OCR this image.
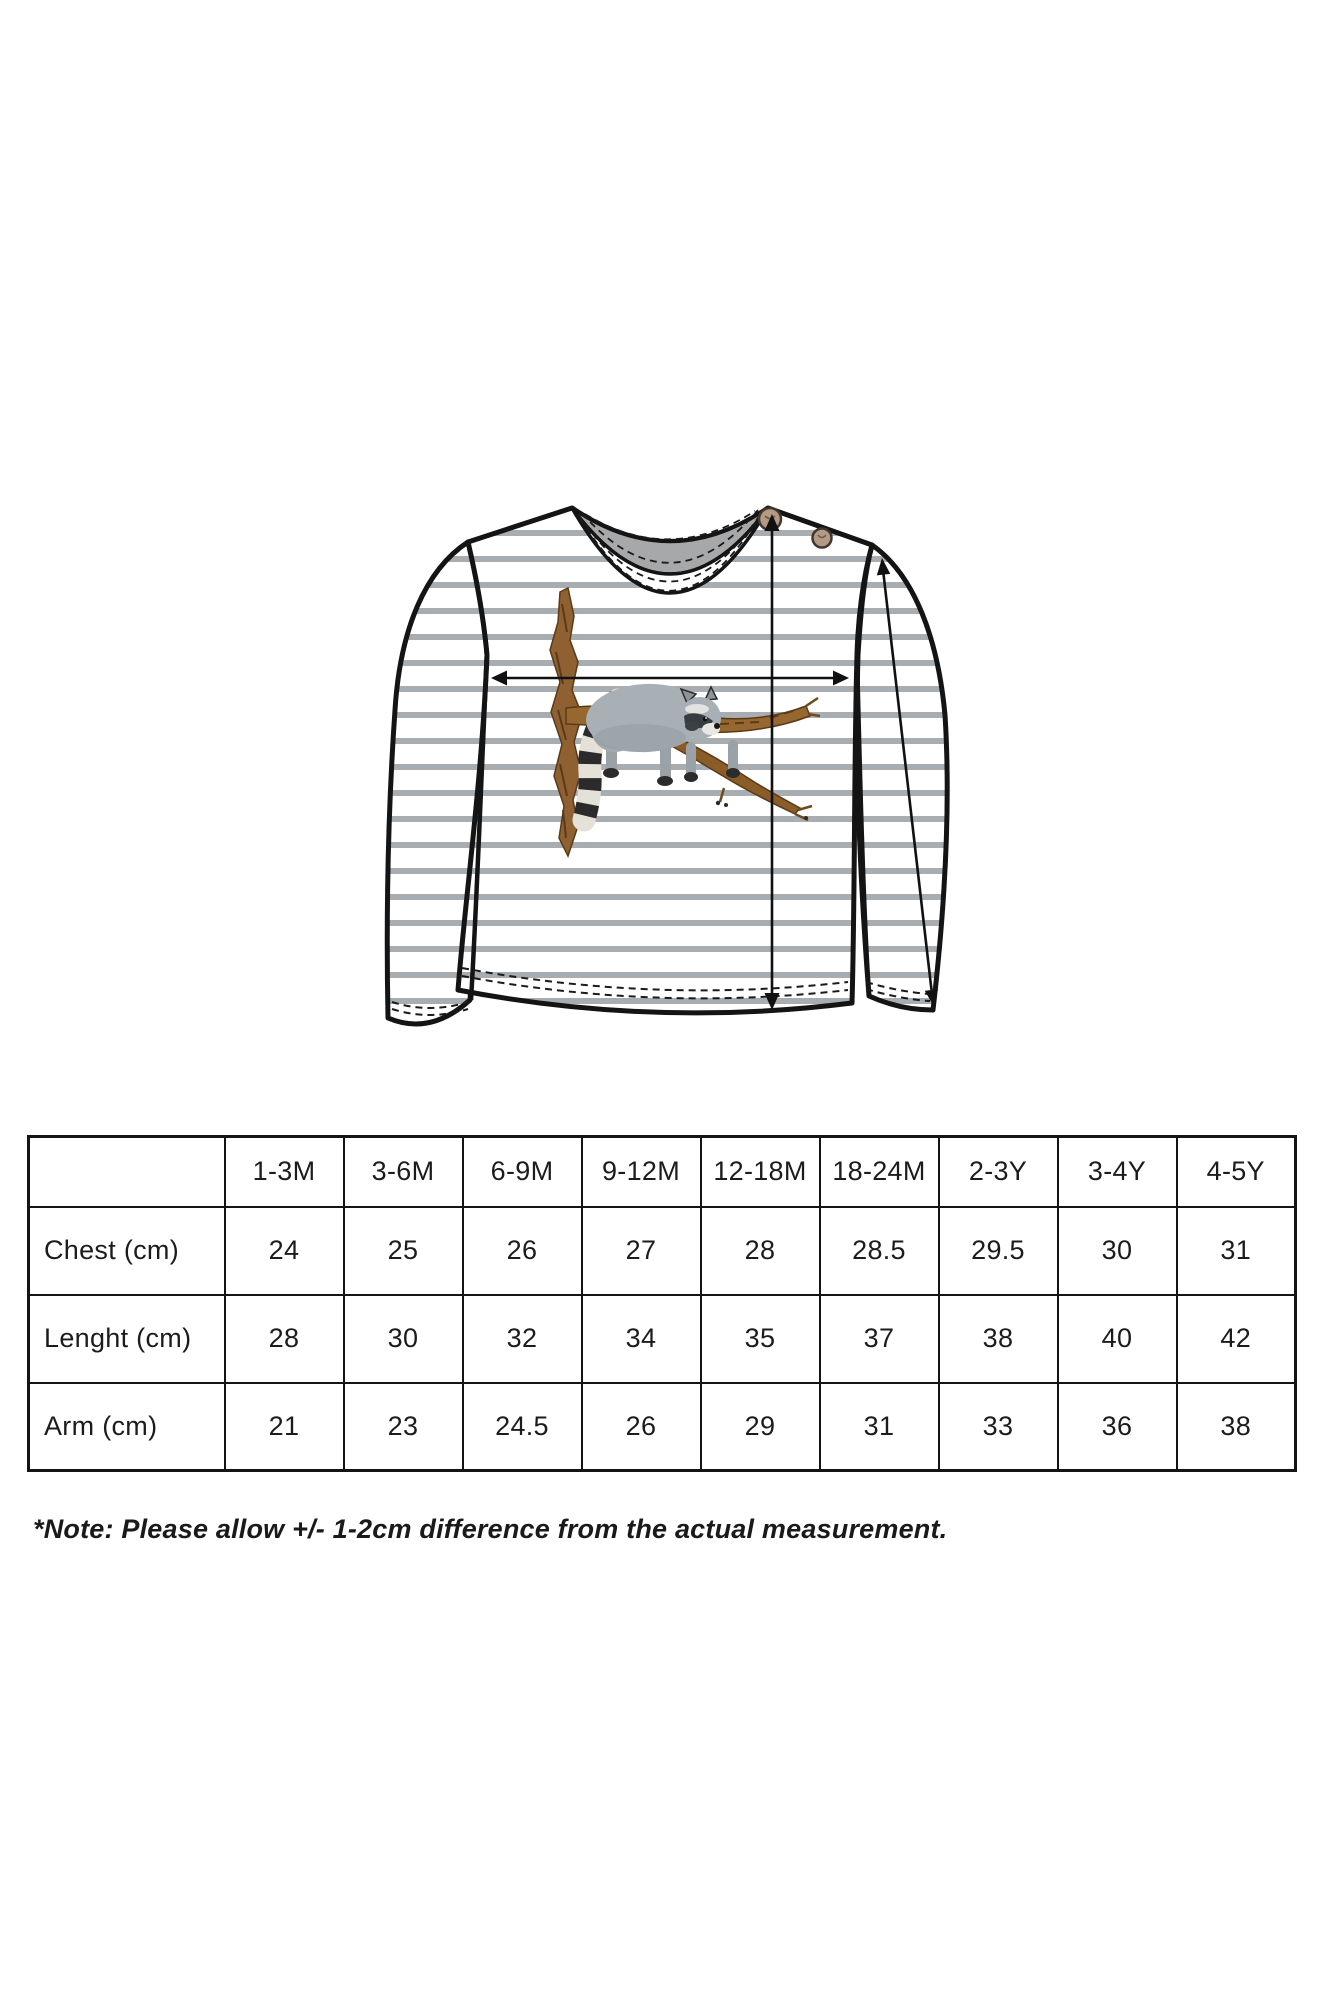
	1-3M	3-6M	6-9M	9-12M	12-18M	18-24M	2-3Y	3-4Y	4-5Y
Chest (cm)	24	25	26	27	28	28.5	29.5	30	31
Lenght (cm)	28	30	32	34	35	37	38	40	42
Arm (cm)	21	23	24.5	26	29	31	33	36	38

*Note: Please allow +/- 1-2cm difference from the actual measurement.
